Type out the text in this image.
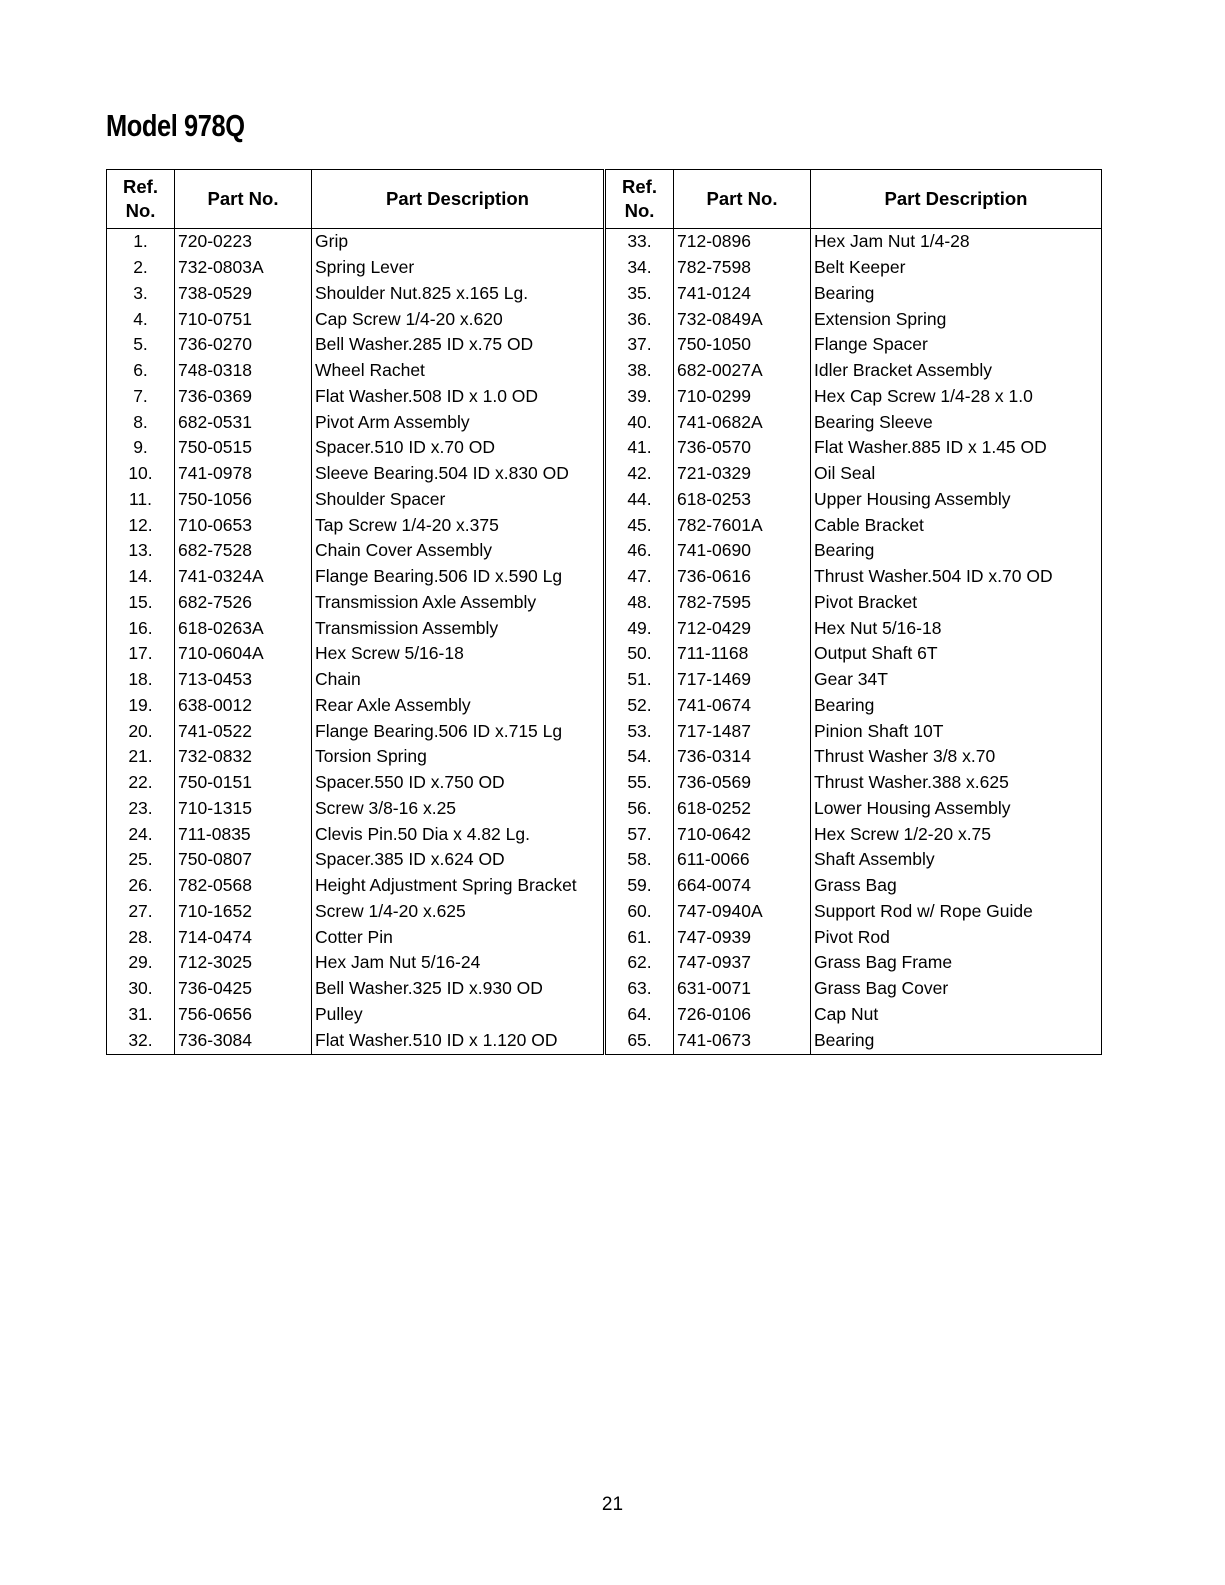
Model 978Q
Ref. No.	Part No.	Part Description
1.	720-0223	Grip
2.	732-0803A	Spring Lever
3.	738-0529	Shoulder Nut.825 x.165 Lg.
4.	710-0751	Cap Screw 1/4-20 x.620
5.	736-0270	Bell Washer.285 ID x.75 OD
6.	748-0318	Wheel Rachet
7.	736-0369	Flat Washer.508 ID x 1.0 OD
8.	682-0531	Pivot Arm Assembly
9.	750-0515	Spacer.510 ID x.70 OD
10.	741-0978	Sleeve Bearing.504 ID x.830 OD
11.	750-1056	Shoulder Spacer
12.	710-0653	Tap Screw 1/4-20 x.375
13.	682-7528	Chain Cover Assembly
14.	741-0324A	Flange Bearing.506 ID x.590 Lg
15.	682-7526	Transmission Axle Assembly
16.	618-0263A	Transmission Assembly
17.	710-0604A	Hex Screw 5/16-18
18.	713-0453	Chain
19.	638-0012	Rear Axle Assembly
20.	741-0522	Flange Bearing.506 ID x.715 Lg
21.	732-0832	Torsion Spring
22.	750-0151	Spacer.550 ID x.750 OD
23.	710-1315	Screw 3/8-16 x.25
24.	711-0835	Clevis Pin.50 Dia x 4.82 Lg.
25.	750-0807	Spacer.385 ID x.624 OD
26.	782-0568	Height Adjustment Spring Bracket
27.	710-1652	Screw 1/4-20 x.625
28.	714-0474	Cotter Pin
29.	712-3025	Hex Jam Nut 5/16-24
30.	736-0425	Bell Washer.325 ID x.930 OD
31.	756-0656	Pulley
32.	736-3084	Flat Washer.510 ID x 1.120 OD
Ref. No.	Part No.	Part Description
33.	712-0896	Hex Jam Nut 1/4-28
34.	782-7598	Belt Keeper
35.	741-0124	Bearing
36.	732-0849A	Extension Spring
37.	750-1050	Flange Spacer
38.	682-0027A	Idler Bracket Assembly
39.	710-0299	Hex Cap Screw 1/4-28 x 1.0
40.	741-0682A	Bearing Sleeve
41.	736-0570	Flat Washer.885 ID x 1.45 OD
42.	721-0329	Oil Seal
44.	618-0253	Upper Housing Assembly
45.	782-7601A	Cable Bracket
46.	741-0690	Bearing
47.	736-0616	Thrust Washer.504 ID x.70 OD
48.	782-7595	Pivot Bracket
49.	712-0429	Hex Nut 5/16-18
50.	711-1168	Output Shaft 6T
51.	717-1469	Gear 34T
52.	741-0674	Bearing
53.	717-1487	Pinion Shaft 10T
54.	736-0314	Thrust Washer 3/8 x.70
55.	736-0569	Thrust Washer.388 x.625
56.	618-0252	Lower Housing Assembly
57.	710-0642	Hex Screw 1/2-20 x.75
58.	611-0066	Shaft Assembly
59.	664-0074	Grass Bag
60.	747-0940A	Support Rod w/ Rope Guide
61.	747-0939	Pivot Rod
62.	747-0937	Grass Bag Frame
63.	631-0071	Grass Bag Cover
64.	726-0106	Cap Nut
65.	741-0673	Bearing
21
